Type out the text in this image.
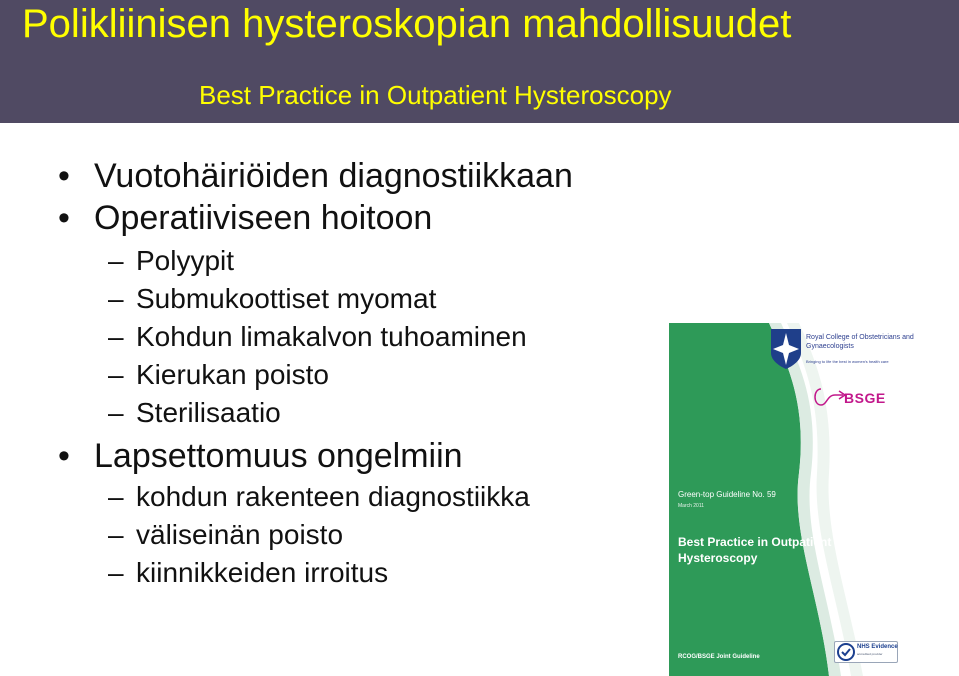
Polikliinisen hysteroskopian mahdollisuudet
Best Practice in Outpatient Hysteroscopy
• Vuotohäiriöiden diagnostiikkaan
• Operatiiviseen hoitoon
– Polyypit
– Submukoottiset myomat
– Kohdun limakalvon tuhoaminen
– Kierukan poisto
– Sterilisaatio
• Lapsettomuus ongelmiin
– kohdun rakenteen diagnostiikka
– väliseinän poisto
– kiinnikkeiden irroitus
Royal College of Obstetricians and Gynaecologists
Bringing to life the best in women's health care
BSGE
Green-top Guideline No. 59
March 2011
Best Practice in Outpatient Hysteroscopy
RCOG/BSGE Joint Guideline
NHS Evidence
accredited provider
